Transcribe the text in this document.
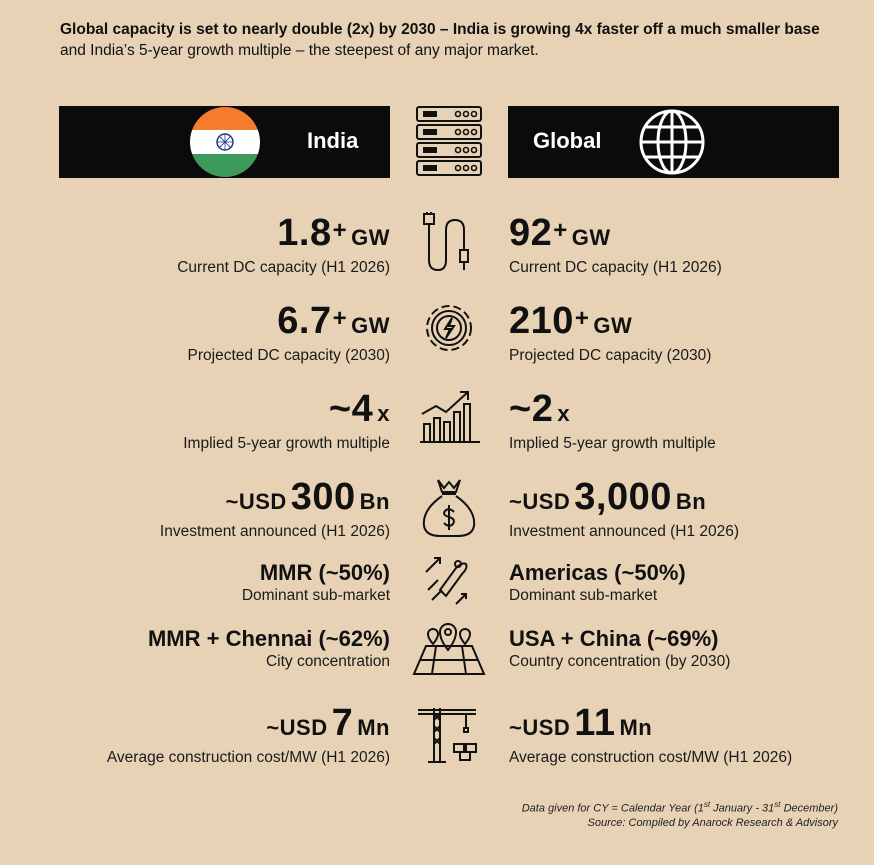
Global capacity is set to nearly double (2x) by 2030 – India is growing 4x faster off a much smaller base and India’s 5-year growth multiple – the steepest of any major market.
India	Global
1.8+ GW
Current DC capacity (H1 2026)
92+ GW
Current DC capacity (H1 2026)
6.7+ GW
Projected DC capacity (2030)
210+ GW
Projected DC capacity (2030)
~4 x
Implied 5-year growth multiple
~2 x
Implied 5-year growth multiple
~USD 300 Bn
Investment announced (H1 2026)
~USD 3,000 Bn
Investment announced (H1 2026)
MMR (~50%)
Dominant sub-market
Americas (~50%)
Dominant sub-market
MMR + Chennai (~62%)
City concentration
USA + China (~69%)
Country concentration (by 2030)
~USD 7 Mn
Average construction cost/MW (H1 2026)
~USD 11 Mn
Average construction cost/MW (H1 2026)
Data given for CY = Calendar Year (1st January - 31st December)
Source: Compiled by Anarock Research & Advisory
